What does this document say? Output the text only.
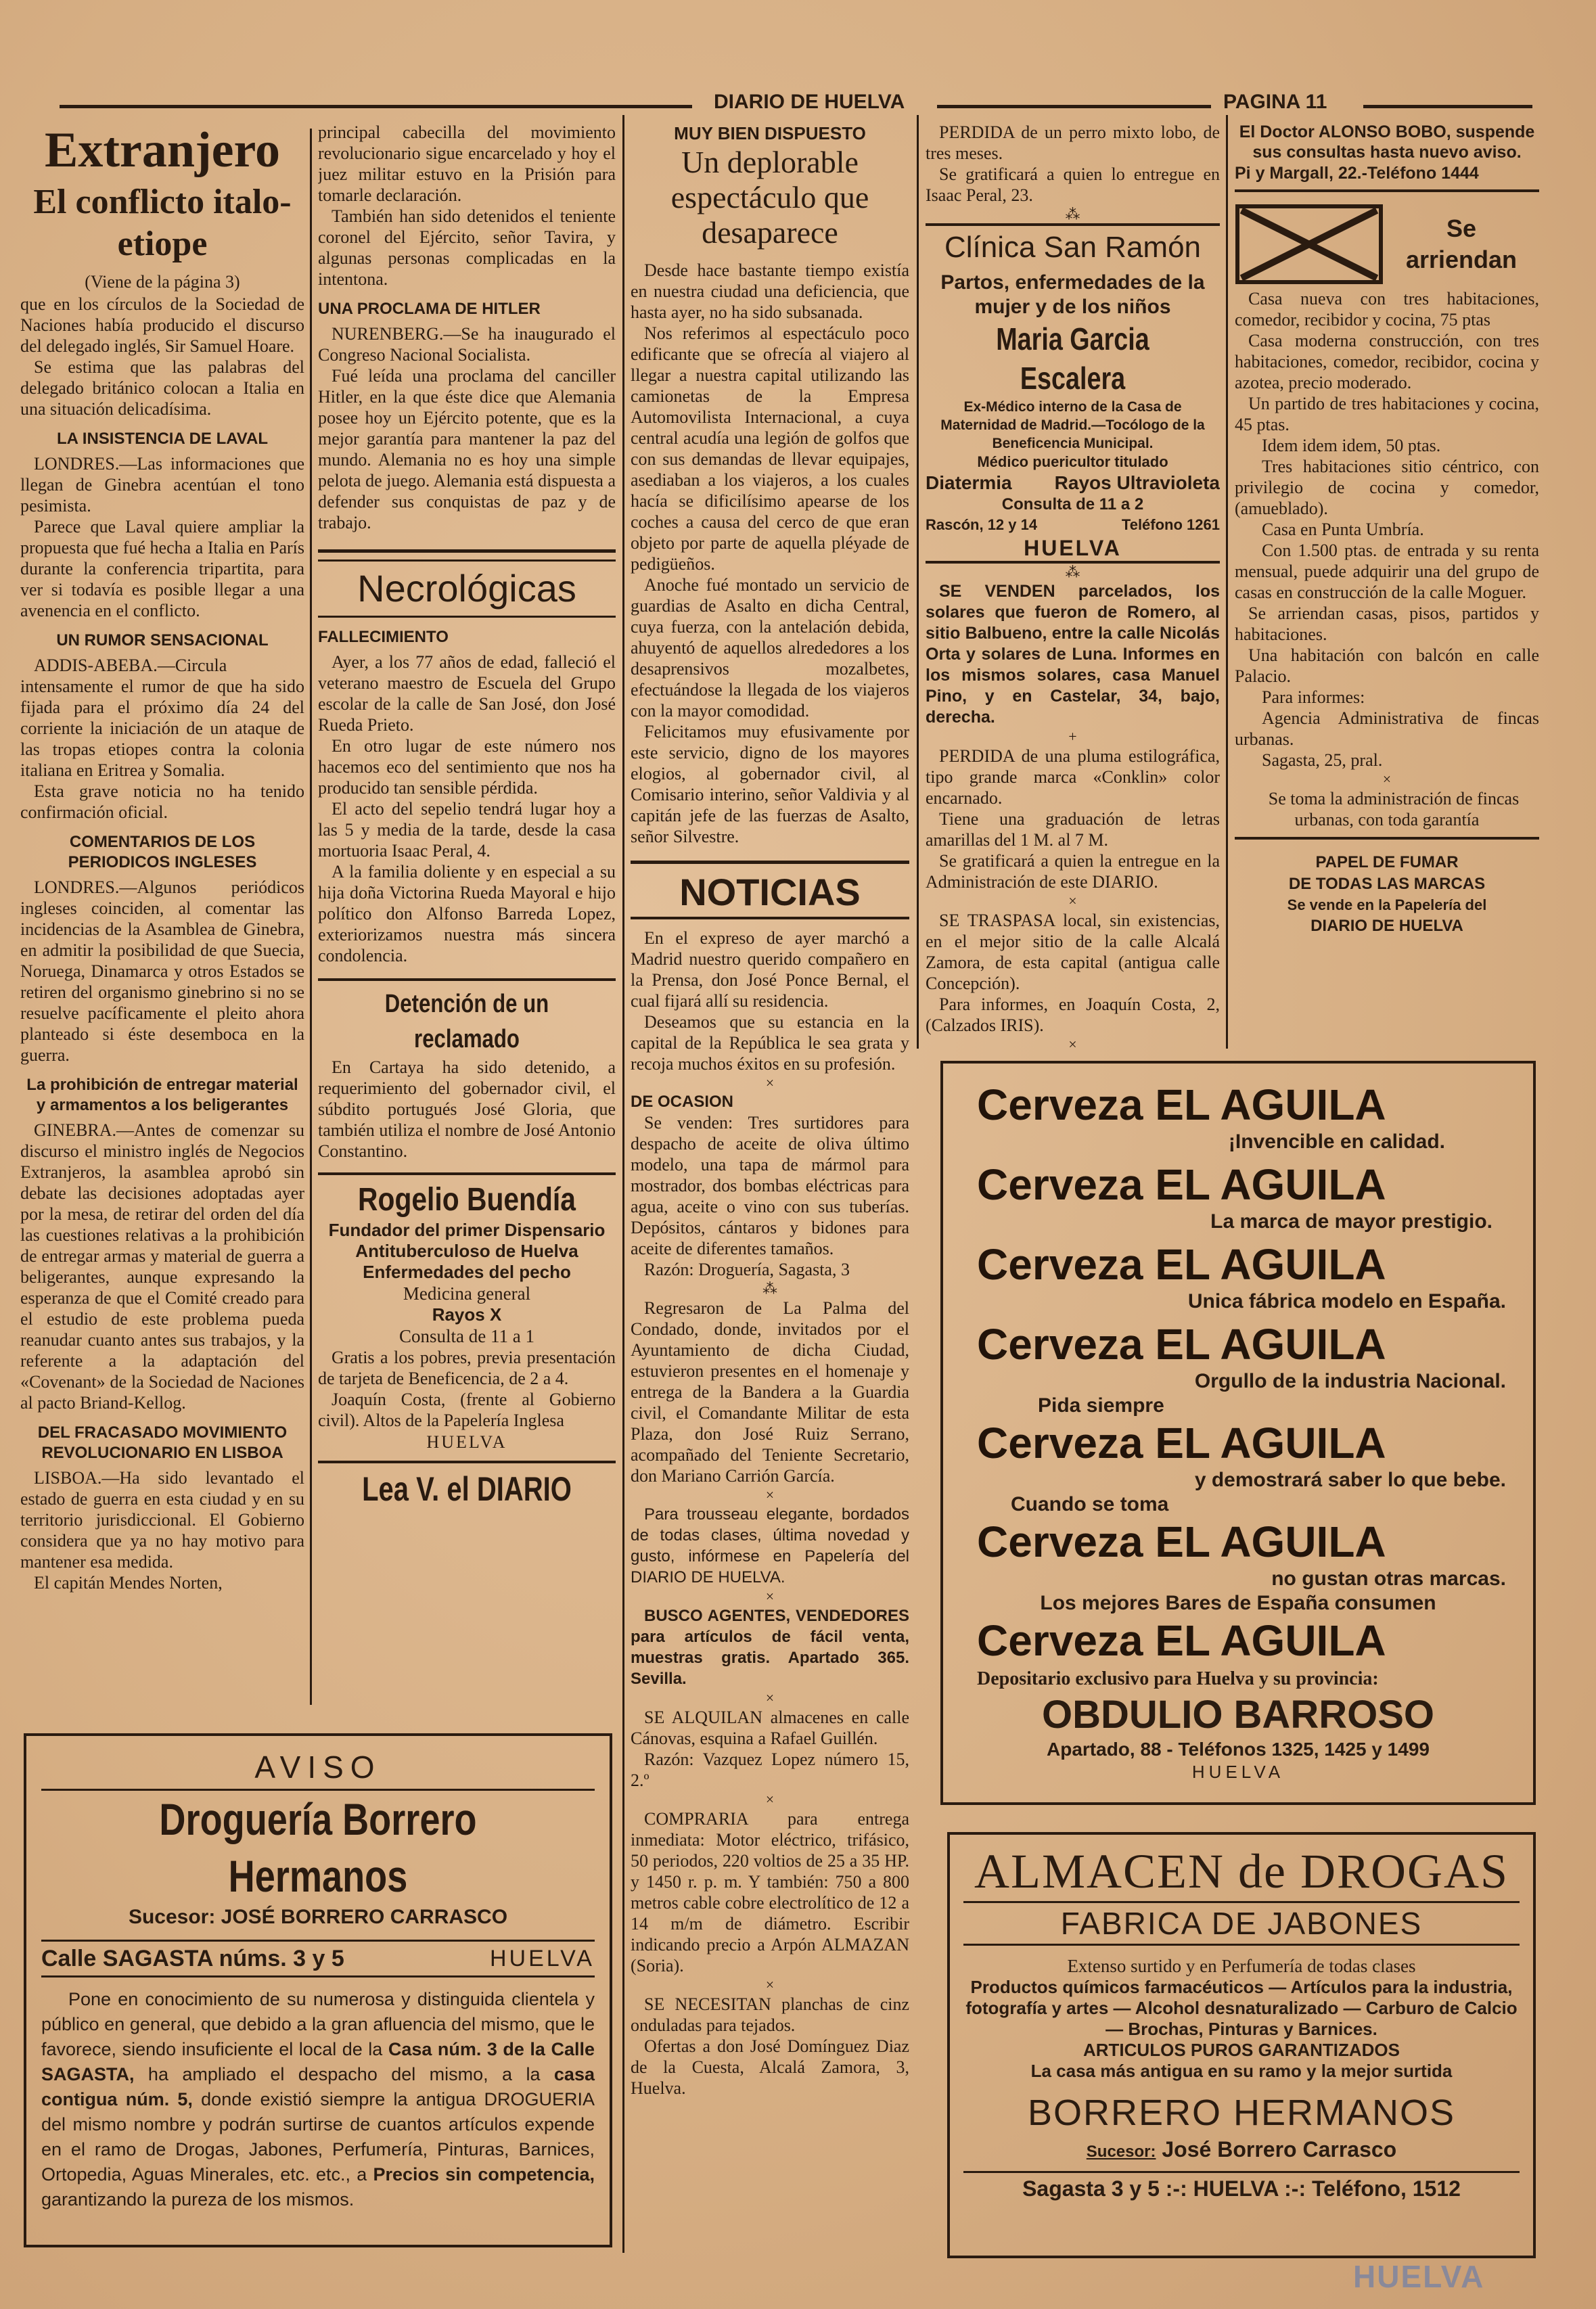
DIARIO DE HUELVA	PAGINA 11
Extranjero
El conflicto italo-etiope
(Viene de la página 3)

que en los círculos de la Sociedad de Naciones había producido el discurso del delegado inglés, Sir Samuel Hoare.

Se estima que las palabras del delegado británico colocan a Italia en una situación delicadísima.

LA INSISTENCIA DE LAVAL

LONDRES.—Las informaciones que llegan de Ginebra acentúan el tono pesimista.

Parece que Laval quiere ampliar la propuesta que fué hecha a Italia en París durante la conferencia tripartita, para ver si todavía es posible llegar a una avenencia en el conflicto.

UN RUMOR SENSACIONAL

ADDIS-ABEBA.—Circula intensamente el rumor de que ha sido fijada para el próximo día 24 del corriente la iniciación de un ataque de las tropas etiopes contra la colonia italiana en Eritrea y Somalia.

Esta grave noticia no ha tenido confirmación oficial.

COMENTARIOS DE LOS PERIODICOS INGLESES

LONDRES.—Algunos periódicos ingleses coinciden, al comentar las incidencias de la Asamblea de Ginebra, en admitir la posibilidad de que Suecia, Noruega, Dinamarca y otros Estados se retiren del organismo ginebrino si no se resuelve pacíficamente el pleito ahora planteado si éste desemboca en la guerra.

La prohibición de entregar material y armamentos a los beligerantes

GINEBRA.—Antes de comenzar su discurso el ministro inglés de Negocios Extranjeros, la asamblea aprobó sin debate las decisiones adoptadas ayer por la mesa, de retirar del orden del día las cuestiones relativas a la prohibición de entregar armas y material de guerra a beligerantes, aunque expresando la esperanza de que el Comité creado para el estudio de este problema pueda reanudar cuanto antes sus trabajos, y la referente a la adaptación del «Covenant» de la Sociedad de Naciones al pacto Briand-Kellog.

DEL FRACASADO MOVIMIENTO REVOLUCIONARIO EN LISBOA

LISBOA.—Ha sido levantado el estado de guerra en esta ciudad y en su territorio jurisdiccional. El Gobierno considera que ya no hay motivo para mantener esa medida.

El capitán Mendes Norten,

principal cabecilla del movimiento revolucionario sigue encarcelado y hoy el juez militar estuvo en la Prisión para tomarle declaración.

También han sido detenidos el teniente coronel del Ejército, señor Tavira, y algunas personas complicadas en la intentona.

UNA PROCLAMA DE HITLER

NURENBERG.—Se ha inaugurado el Congreso Nacional Socialista.

Fué leída una proclama del canciller Hitler, en la que éste dice que Alemania posee hoy un Ejército potente, que es la mejor garantía para mantener la paz del mundo. Alemania no es hoy una simple pelota de juego. Alemania está dispuesta a defender sus conquistas de paz y de trabajo.

Necrológicas
FALLECIMIENTO

Ayer, a los 77 años de edad, falleció el veterano maestro de Escuela del Grupo escolar de la calle de San José, don José Rueda Prieto.

En otro lugar de este número nos hacemos eco del sentimiento que nos ha producido tan sensible pérdida.

El acto del sepelio tendrá lugar hoy a las 5 y media de la tarde, desde la casa mortuoria Isaac Peral, 4.

A la familia doliente y en especial a su hija doña Victorina Rueda Mayoral e hijo político don Alfonso Barreda Lopez, exteriorizamos nuestra más sincera condolencia.

Detención de un reclamado

En Cartaya ha sido detenido, a requerimiento del gobernador civil, el súbdito portugués José Gloria, que también utiliza el nombre de José Antonio Constantino.

Rogelio Buendía
Fundador del primer Dispensario Antituberculoso de Huelva
Enfermedades del pecho
Medicina general
Rayos X
Consulta de 11 a 1

Gratis a los pobres, previa presentación de tarjeta de Beneficencia, de 2 a 4.

Joaquín Costa, (frente al Gobierno civil). Altos de la Papelería Inglesa

HUELVA
Lea V. el DIARIO
MUY BIEN DISPUESTO
Un deplorable espectáculo que desaparece

Desde hace bastante tiempo existía en nuestra ciudad una deficiencia, que hasta ayer, no ha sido subsanada.

Nos referimos al espectáculo poco edificante que se ofrecía al viajero al llegar a nuestra capital utilizando las camionetas de la Empresa Automovilista Internacional, a cuya central acudía una legión de golfos que con sus demandas de llevar equipajes, asediaban a los viajeros, a los cuales hacía se dificilísimo apearse de los coches a causa del cerco de que eran objeto por parte de aquella pléyade de pedigüeños.

Anoche fué montado un servicio de guardias de Asalto en dicha Central, cuya fuerza, con la antelación debida, ahuyentó de aquellos alrededores a los desaprensivos mozalbetes, efectuándose la llegada de los viajeros con la mayor comodidad.

Felicitamos muy efusivamente por este servicio, digno de los mayores elogios, al gobernador civil, al Comisario interino, señor Valdivia y al capitán jefe de las fuerzas de Asalto, señor Silvestre.

NOTICIAS

En el expreso de ayer marchó a Madrid nuestro querido compañero en la Prensa, don José Ponce Bernal, el cual fijará allí su residencia.

Deseamos que su estancia en la capital de la República le sea grata y recoja muchos éxitos en su profesión.

×
DE OCASION

Se venden: Tres surtidores para despacho de aceite de oliva último modelo, una tapa de mármol para mostrador, dos bombas eléctricas para agua, aceite o vino con sus tuberías. Depósitos, cántaros y bidones para aceite de diferentes tamaños.

Razón: Droguería, Sagasta, 3

⁂

Regresaron de La Palma del Condado, donde, invitados por el Ayuntamiento de dicha Ciudad, estuvieron presentes en el homenaje y entrega de la Bandera a la Guardia civil, el Comandante Militar de esta Plaza, don José Ruiz Serrano, acompañado del Teniente Secretario, don Mariano Carrión García.

×

Para trousseau elegante, bordados de todas clases, última novedad y gusto, infórmese en Papelería del DIARIO DE HUELVA.

×

BUSCO AGENTES, VENDEDORES para artículos de fácil venta, muestras gratis. Apartado 365. Sevilla.

×

SE ALQUILAN almacenes en calle Cánovas, esquina a Rafael Guillén.

Razón: Vazquez Lopez número 15, 2.º

×

COMPRARIA para entrega inmediata: Motor eléctrico, trifásico, 50 periodos, 220 voltios de 25 a 35 HP. y 1450 r. p. m. Y también: 750 a 800 metros cable cobre electrolítico de 12 a 14 m/m de diámetro. Escribir indicando precio a Arpón ALMAZAN (Soria).

×

SE NECESITAN planchas de cinz onduladas para tejados.

Ofertas a don José Domínguez Diaz de la Cuesta, Alcalá Zamora, 3, Huelva.

PERDIDA de un perro mixto lobo, de tres meses.

Se gratificará a quien lo entregue en Isaac Peral, 23.

⁂
Clínica San Ramón
Partos, enfermedades de la mujer y de los niños
Maria Garcia Escalera
Ex-Médico interno de la Casa de Maternidad de Madrid.—Tocólogo de la Beneficencia Municipal.
Médico puericultor titulado
Diatermia Rayos Ultravioleta
Consulta de 11 a 2
Rascón, 12 y 14	Teléfono 1261
HUELVA
⁂

SE VENDEN parcelados, los solares que fueron de Romero, al sitio Balbueno, entre la calle Nicolás Orta y solares de Luna. Informes en los mismos solares, casa Manuel Pino, y en Castelar, 34, bajo, derecha.

+

PERDIDA de una pluma estilográfica, tipo grande marca «Conklin» color encarnado.

Tiene una graduación de letras amarillas del 1 M. al 7 M.

Se gratificará a quien la entregue en la Administración de este DIARIO.

×

SE TRASPASA local, sin existencias, en el mejor sitio de la calle Alcalá Zamora, de esta capital (antigua calle Concepción).

Para informes, en Joaquín Costa, 2, (Calzados IRIS).

×
El Doctor ALONSO BOBO, suspende sus consultas hasta nuevo aviso.
Pi y Margall, 22.-Teléfono 1444
Se
arriendan

Casa nueva con tres habitaciones, comedor, recibidor y cocina, 75 ptas

Casa moderna construcción, con tres habitaciones, comedor, recibidor, cocina y azotea, precio moderado.

Un partido de tres habitaciones y cocina, 45 ptas.

Idem idem idem, 50 ptas.

Tres habitaciones sitio céntrico, con privilegio de cocina y comedor, (amueblado).

Casa en Punta Umbría.

Con 1.500 ptas. de entrada y su renta mensual, puede adquirir una del grupo de casas en construcción de la calle Moguer.

Se arriendan casas, pisos, partidos y habitaciones.

Una habitación con balcón en calle Palacio.

Para informes:

Agencia Administrativa de fincas urbanas.

Sagasta, 25, pral.

×

Se toma la administración de fincas urbanas, con toda garantía

PAPEL DE FUMAR
DE TODAS LAS MARCAS
Se vende en la Papelería del
DIARIO DE HUELVA
Cerveza EL AGUILA
¡Invencible en calidad.
Cerveza EL AGUILA
La marca de mayor prestigio.
Cerveza EL AGUILA
Unica fábrica modelo en España.
Cerveza EL AGUILA
Orgullo de la industria Nacional.
Pida siempre
Cerveza EL AGUILA
y demostrará saber lo que bebe.
Cuando se toma
Cerveza EL AGUILA
no gustan otras marcas.
Los mejores Bares de España consumen
Cerveza EL AGUILA
Depositario exclusivo para Huelva y su provincia:
OBDULIO BARROSO
Apartado, 88 - Teléfonos 1325, 1425 y 1499
HUELVA
AVISO
Droguería Borrero Hermanos
Sucesor: JOSÉ BORRERO CARRASCO
Calle SAGASTA núms. 3 y 5	HUELVA
Pone en conocimiento de su numerosa y distinguida clientela y público en general, que debido a la gran afluencia del mismo, que le favorece, siendo insuficiente el local de la Casa núm. 3 de la Calle SAGASTA, ha ampliado el despacho del mismo, a la casa contigua núm. 5, donde existió siempre la antigua DROGUERIA del mismo nombre y podrán surtirse de cuantos artículos expende en el ramo de Drogas, Jabones, Perfumería, Pinturas, Barnices, Ortopedia, Aguas Minerales, etc. etc., a Precios sin competencia, garantizando la pureza de los mismos.
ALMACEN de DROGAS
FABRICA DE JABONES
Extenso surtido y en Perfumería de todas clases
Productos químicos farmacéuticos — Artículos para la industria, fotografía y artes — Alcohol desnaturalizado — Carburo de Calcio — Brochas, Pinturas y Barnices.
ARTICULOS PUROS GARANTIZADOS
La casa más antigua en su ramo y la mejor surtida
BORRERO HERMANOS
Sucesor: José Borrero Carrasco
Sagasta 3 y 5 :-: HUELVA :-: Teléfono, 1512
HUELVA
